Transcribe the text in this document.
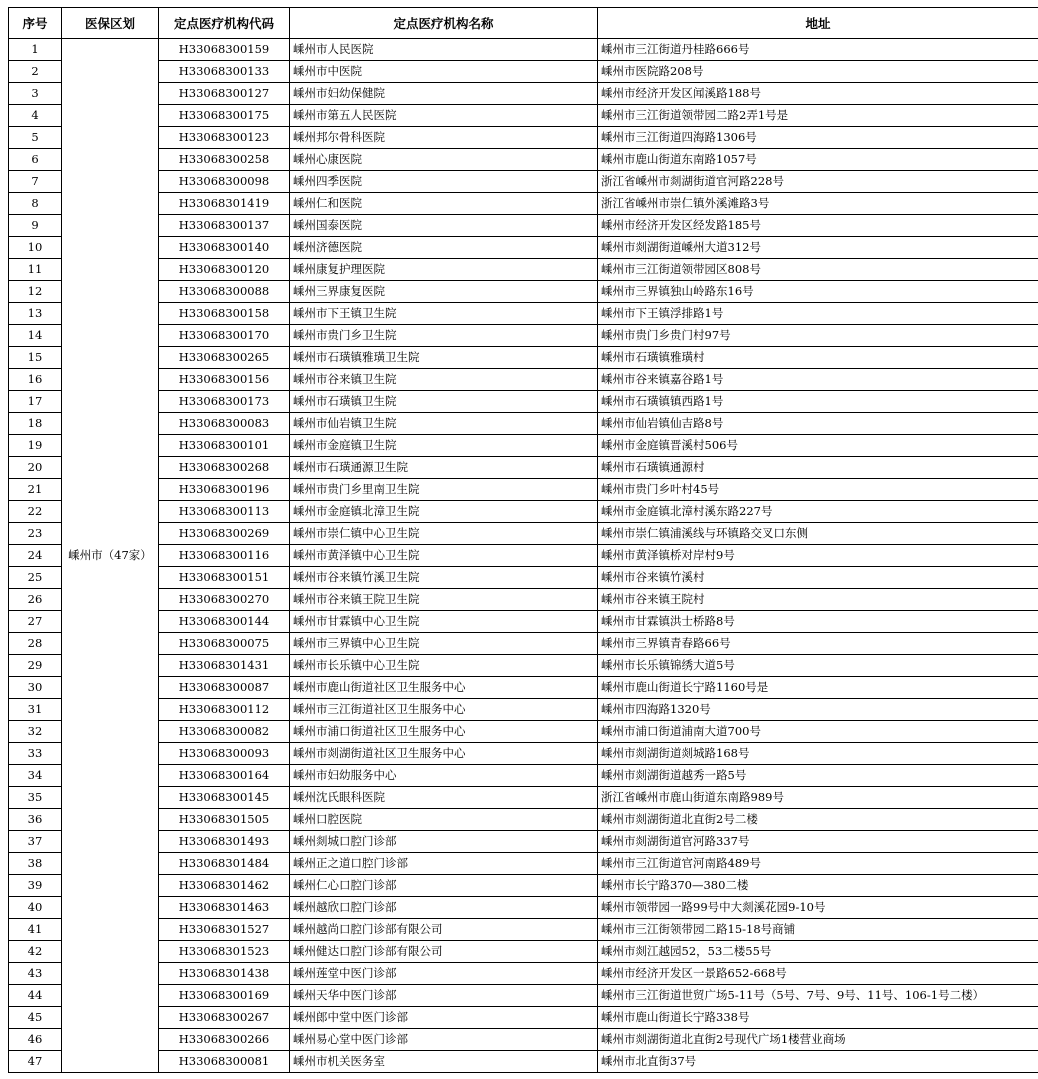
序号	医保区划	定点医疗机构代码	定点医疗机构名称	地址
1	嵊州市（47家）	H33068300159	嵊州市人民医院	嵊州市三江街道丹桂路666号
2		H33068300133	嵊州市中医院	嵊州市医院路208号
3		H33068300127	嵊州市妇幼保健院	嵊州市经济开发区闻溪路188号
4		H33068300175	嵊州市第五人民医院	嵊州市三江街道领带园二路2弄1号是
5		H33068300123	嵊州邦尔骨科医院	嵊州市三江街道四海路1306号
6		H33068300258	嵊州心康医院	嵊州市鹿山街道东南路1057号
7		H33068300098	嵊州四季医院	浙江省嵊州市剡湖街道官河路228号
8		H33068301419	嵊州仁和医院	浙江省嵊州市崇仁镇外溪滩路3号
9		H33068300137	嵊州国泰医院	嵊州市经济开发区经发路185号
10		H33068300140	嵊州济德医院	嵊州市剡湖街道嵊州大道312号
11		H33068300120	嵊州康复护理医院	嵊州市三江街道领带园区808号
12		H33068300088	嵊州三界康复医院	嵊州市三界镇独山岭路东16号
13		H33068300158	嵊州市下王镇卫生院	嵊州市下王镇浮排路1号
14		H33068300170	嵊州市贵门乡卫生院	嵊州市贵门乡贵门村97号
15		H33068300265	嵊州市石璜镇雅璜卫生院	嵊州市石璜镇雅璜村
16		H33068300156	嵊州市谷来镇卫生院	嵊州市谷来镇嘉谷路1号
17		H33068300173	嵊州市石璜镇卫生院	嵊州市石璜镇镇西路1号
18		H33068300083	嵊州市仙岩镇卫生院	嵊州市仙岩镇仙吉路8号
19		H33068300101	嵊州市金庭镇卫生院	嵊州市金庭镇晋溪村506号
20		H33068300268	嵊州市石璜通源卫生院	嵊州市石璜镇通源村
21		H33068300196	嵊州市贵门乡里南卫生院	嵊州市贵门乡叶村45号
22		H33068300113	嵊州市金庭镇北漳卫生院	嵊州市金庭镇北漳村溪东路227号
23		H33068300269	嵊州市崇仁镇中心卫生院	嵊州市崇仁镇浦溪线与环镇路交叉口东侧
24		H33068300116	嵊州市黄泽镇中心卫生院	嵊州市黄泽镇桥对岸村9号
25		H33068300151	嵊州市谷来镇竹溪卫生院	嵊州市谷来镇竹溪村
26		H33068300270	嵊州市谷来镇王院卫生院	嵊州市谷来镇王院村
27		H33068300144	嵊州市甘霖镇中心卫生院	嵊州市甘霖镇洪士桥路8号
28		H33068300075	嵊州市三界镇中心卫生院	嵊州市三界镇青春路66号
29		H33068301431	嵊州市长乐镇中心卫生院	嵊州市长乐镇锦绣大道5号
30		H33068300087	嵊州市鹿山街道社区卫生服务中心	嵊州市鹿山街道长宁路1160号是
31		H33068300112	嵊州市三江街道社区卫生服务中心	嵊州市四海路1320号
32		H33068300082	嵊州市浦口街道社区卫生服务中心	嵊州市浦口街道浦南大道700号
33		H33068300093	嵊州市剡湖街道社区卫生服务中心	嵊州市剡湖街道剡城路168号
34		H33068300164	嵊州市妇幼服务中心	嵊州市剡湖街道越秀一路5号
35		H33068300145	嵊州沈氏眼科医院	浙江省嵊州市鹿山街道东南路989号
36		H33068301505	嵊州口腔医院	嵊州市剡湖街道北直街2号二楼
37		H33068301493	嵊州剡城口腔门诊部	嵊州市剡湖街道官河路337号
38		H33068301484	嵊州正之道口腔门诊部	嵊州市三江街道官河南路489号
39		H33068301462	嵊州仁心口腔门诊部	嵊州市长宁路370—380二楼
40		H33068301463	嵊州越欣口腔门诊部	嵊州市领带园一路99号中大剡溪花园9-10号
41		H33068301527	嵊州越尚口腔门诊部有限公司	嵊州市三江街领带园二路15-18号商铺
42		H33068301523	嵊州健达口腔门诊部有限公司	嵊州市剡江越园52，53二楼55号
43		H33068301438	嵊州莲堂中医门诊部	嵊州市经济开发区一景路652-668号
44		H33068300169	嵊州天华中医门诊部	嵊州市三江街道世贸广场5-11号（5号、7号、9号、11号、106-1号二楼）
45		H33068300267	嵊州郎中堂中医门诊部	嵊州市鹿山街道长宁路338号
46		H33068300266	嵊州易心堂中医门诊部	嵊州市剡湖街道北直街2号现代广场1楼营业商场
47		H33068300081	嵊州市机关医务室	嵊州市北直街37号
